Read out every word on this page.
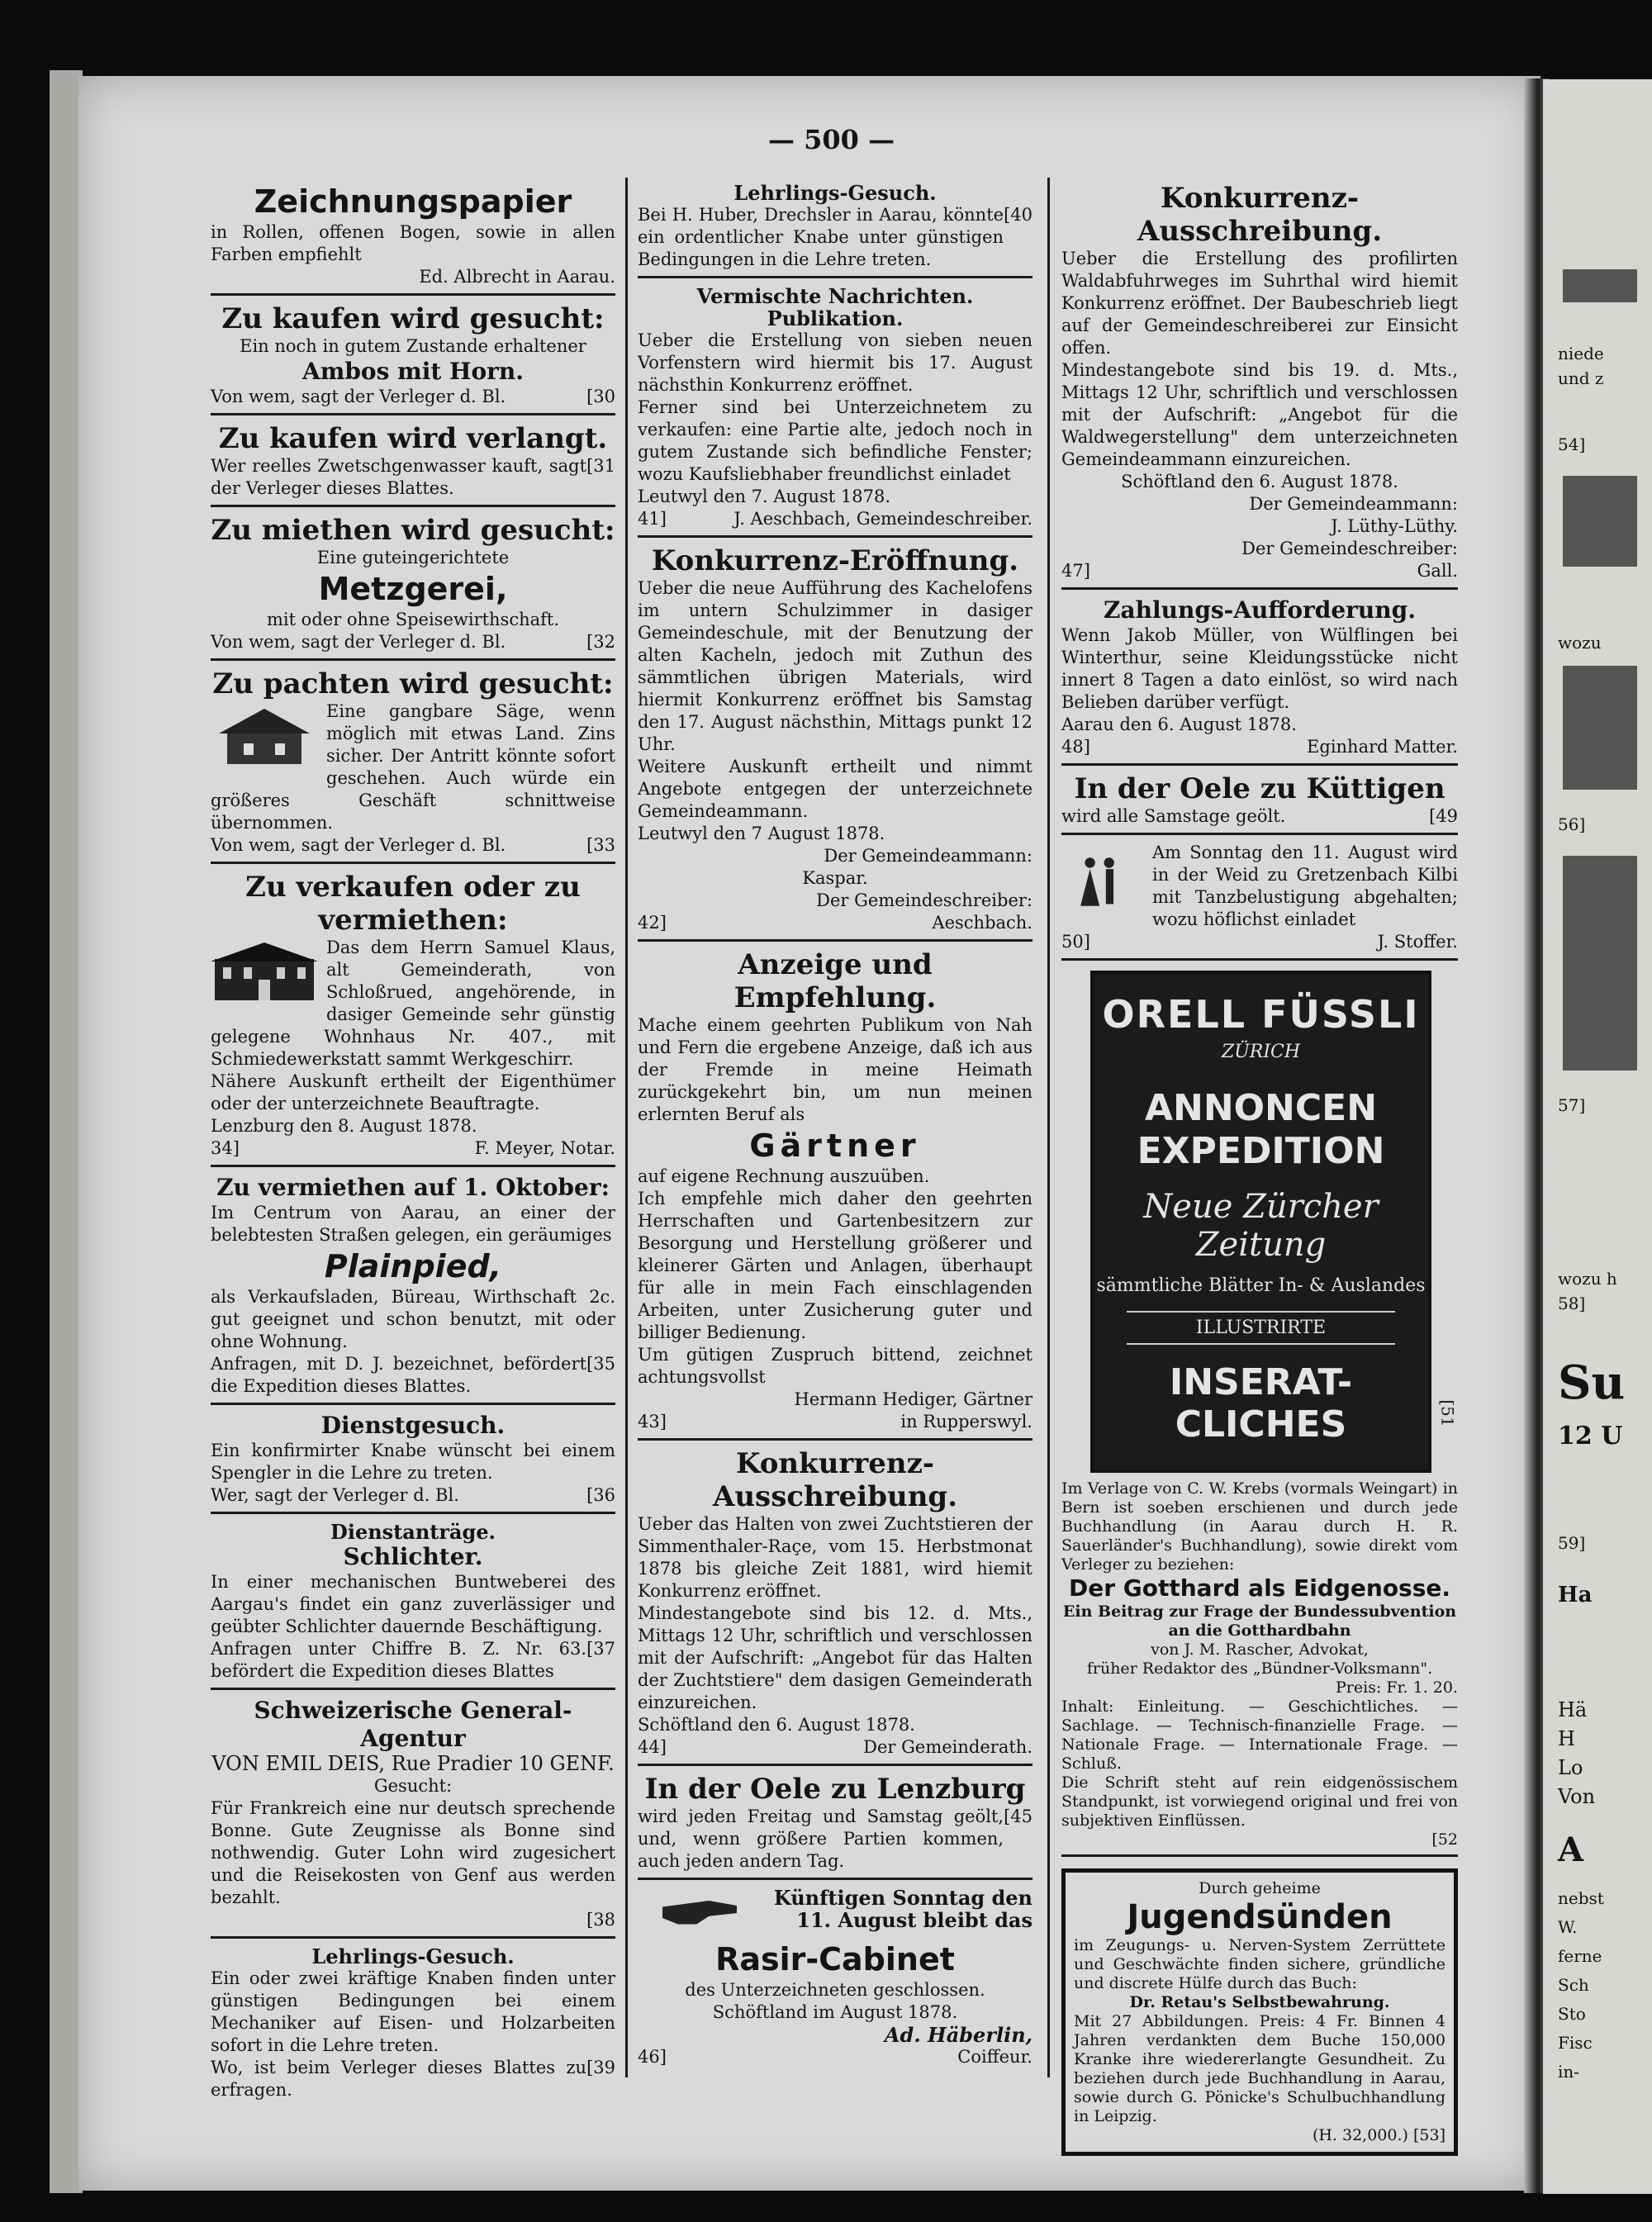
— 500 —
Zeichnungspapier
in Rollen, offenen Bogen, sowie in allen Farben empfiehlt
Ed. Albrecht in Aarau.
Zu kaufen wird gesucht:
Ein noch in gutem Zustande erhaltener
Ambos mit Horn.
Von wem, sagt der Verleger d. Bl.	[30
Zu kaufen wird verlangt.
Wer reelles Zwetschgenwasser kauft, sagt der Verleger dieses Blattes.
[31
Zu miethen wird gesucht:
Eine guteingerichtete
Metzgerei,
mit oder ohne Speisewirthschaft.
Von wem, sagt der Verleger d. Bl.	[32
Zu pachten wird gesucht:
Eine gangbare Säge, wenn möglich mit etwas Land. Zins sicher. Der Antritt könnte sofort geschehen. Auch würde ein größeres Geschäft schnittweise übernommen.
Von wem, sagt der Verleger d. Bl.	[33
Zu verkaufen oder zu vermiethen:
Das dem Herrn Samuel Klaus, alt Gemeinderath, von Schloßrued, angehörende, in dasiger Gemeinde sehr günstig gelegene Wohnhaus Nr. 407., mit Schmiedewerkstatt sammt Werkgeschirr.
Nähere Auskunft ertheilt der Eigenthümer oder der unterzeichnete Beauftragte.
Lenzburg den 8. August 1878.
34]	F. Meyer, Notar.
Zu vermiethen auf 1. Oktober:
Im Centrum von Aarau, an einer der belebtesten Straßen gelegen, ein geräumiges
Plainpied,
als Verkaufsladen, Büreau, Wirthschaft 2c. gut geeignet und schon benutzt, mit oder ohne Wohnung.
Anfragen, mit D. J. bezeichnet, befördert die Expedition dieses Blattes.
[35
Dienstgesuch.
Ein konfirmirter Knabe wünscht bei einem Spengler in die Lehre zu treten.
Wer, sagt der Verleger d. Bl.	[36
Dienstanträge.
Schlichter.
In einer mechanischen Buntweberei des Aargau's findet ein ganz zuverlässiger und geübter Schlichter dauernde Beschäftigung.
Anfragen unter Chiffre B. Z. Nr. 63. befördert die Expedition dieses Blattes
[37
Schweizerische General-Agentur
VON EMIL DEIS, Rue Pradier 10 GENF.
Gesucht:
Für Frankreich eine nur deutsch sprechende Bonne. Gute Zeugnisse als Bonne sind nothwendig. Guter Lohn wird zugesichert und die Reisekosten von Genf aus werden bezahlt.
[38
Lehrlings-Gesuch.
Ein oder zwei kräftige Knaben finden unter günstigen Bedingungen bei einem Mechaniker auf Eisen- und Holzarbeiten sofort in die Lehre treten.
Wo, ist beim Verleger dieses Blattes zu erfragen.
[39
Lehrlings-Gesuch.
Bei H. Huber, Drechsler in Aarau, könnte ein ordentlicher Knabe unter günstigen Bedingungen in die Lehre treten.
[40
Vermischte Nachrichten.
Publikation.
Ueber die Erstellung von sieben neuen Vorfenstern wird hiermit bis 17. August nächsthin Konkurrenz eröffnet.
Ferner sind bei Unterzeichnetem zu verkaufen: eine Partie alte, jedoch noch in gutem Zustande sich befindliche Fenster; wozu Kaufsliebhaber freundlichst einladet
Leutwyl den 7. August 1878.
41]	J. Aeschbach, Gemeindeschreiber.
Konkurrenz-Eröffnung.
Ueber die neue Aufführung des Kachelofens im untern Schulzimmer in dasiger Gemeindeschule, mit der Benutzung der alten Kacheln, jedoch mit Zuthun des sämmtlichen übrigen Materials, wird hiermit Konkurrenz eröffnet bis Samstag den 17. August nächsthin, Mittags punkt 12 Uhr.
Weitere Auskunft ertheilt und nimmt Angebote entgegen der unterzeichnete Gemeindeammann.
Leutwyl den 7 August 1878.
Der Gemeindeammann:
Kaspar.
Der Gemeindeschreiber:
42]	Aeschbach.
Anzeige und Empfehlung.
Mache einem geehrten Publikum von Nah und Fern die ergebene Anzeige, daß ich aus der Fremde in meine Heimath zurückgekehrt bin, um nun meinen erlernten Beruf als
Gärtner
auf eigene Rechnung auszuüben.
Ich empfehle mich daher den geehrten Herrschaften und Gartenbesitzern zur Besorgung und Herstellung größerer und kleinerer Gärten und Anlagen, überhaupt für alle in mein Fach einschlagenden Arbeiten, unter Zusicherung guter und billiger Bedienung.
Um gütigen Zuspruch bittend, zeichnet achtungsvollst
Hermann Hediger, Gärtner
43]	in Rupperswyl.
Konkurrenz-Ausschreibung.
Ueber das Halten von zwei Zuchtstieren der Simmenthaler-Raçe, vom 15. Herbstmonat 1878 bis gleiche Zeit 1881, wird hiemit Konkurrenz eröffnet.
Mindestangebote sind bis 12. d. Mts., Mittags 12 Uhr, schriftlich und verschlossen mit der Aufschrift: „Angebot für das Halten der Zuchtstiere" dem dasigen Gemeinderath einzureichen.
Schöftland den 6. August 1878.
44]	Der Gemeinderath.
In der Oele zu Lenzburg
wird jeden Freitag und Samstag geölt, und, wenn größere Partien kommen, auch jeden andern Tag.
[45
Künftigen Sonntag den 11. August bleibt das
Rasir-Cabinet
des Unterzeichneten geschlossen.
Schöftland im August 1878.
Ad. Häberlin,
46]	Coiffeur.
Konkurrenz-Ausschreibung.
Ueber die Erstellung des profilirten Waldabfuhrweges im Suhrthal wird hiemit Konkurrenz eröffnet. Der Baubeschrieb liegt auf der Gemeindeschreiberei zur Einsicht offen.
Mindestangebote sind bis 19. d. Mts., Mittags 12 Uhr, schriftlich und verschlossen mit der Aufschrift: „Angebot für die Waldwegerstellung" dem unterzeichneten Gemeindeammann einzureichen.
Schöftland den 6. August 1878.
Der Gemeindeammann:
J. Lüthy-Lüthy.
Der Gemeindeschreiber:
47]	Gall.
Zahlungs-Aufforderung.
Wenn Jakob Müller, von Wülflingen bei Winterthur, seine Kleidungsstücke nicht innert 8 Tagen a dato einlöst, so wird nach Belieben darüber verfügt.
Aarau den 6. August 1878.
48]	Eginhard Matter.
In der Oele zu Küttigen
wird alle Samstage geölt.	[49
Am Sonntag den 11. August wird in der Weid zu Gretzenbach Kilbi mit Tanzbelustigung abgehalten; wozu höflichst einladet
50]	J. Stoffer.
ORELL FÜSSLI
ZÜRICH
ANNONCEN EXPEDITION
Neue Zürcher Zeitung
sämmtliche Blätter In- & Auslandes
ILLUSTRIRTE
INSERAT-CLICHES	[51
Im Verlage von C. W. Krebs (vormals Weingart) in Bern ist soeben erschienen und durch jede Buchhandlung (in Aarau durch H. R. Sauerländer's Buchhandlung), sowie direkt vom Verleger zu beziehen:
Der Gotthard als Eidgenosse.
Ein Beitrag zur Frage der Bundessubvention an die Gotthardbahn
von J. M. Rascher, Advokat,
früher Redaktor des „Bündner-Volksmann".
Preis: Fr. 1. 20.
Inhalt: Einleitung. — Geschichtliches. — Sachlage. — Technisch-finanzielle Frage. — Nationale Frage. — Internationale Frage. — Schluß.
Die Schrift steht auf rein eidgenössischem Standpunkt, ist vorwiegend original und frei von subjektiven Einflüssen.
[52
Durch geheime
Jugendsünden
im Zeugungs- u. Nerven-System Zerrüttete und Geschwächte finden sichere, gründliche und discrete Hülfe durch das Buch:
Dr. Retau's Selbstbewahrung.
Mit 27 Abbildungen. Preis: 4 Fr. Binnen 4 Jahren verdankten dem Buche 150,000 Kranke ihre wiedererlangte Gesundheit. Zu beziehen durch jede Buchhandlung in Aarau, sowie durch G. Pönicke's Schulbuchhandlung in Leipzig.
(H. 32,000.) [53]
niede
und z
54]
wozu
56]
57]
wozu h
58]
Su
12 U
59]
Ha
Hä
H
Lo
Von
A
nebst
W.
ferne
Sch
Sto
Fisc
in-
